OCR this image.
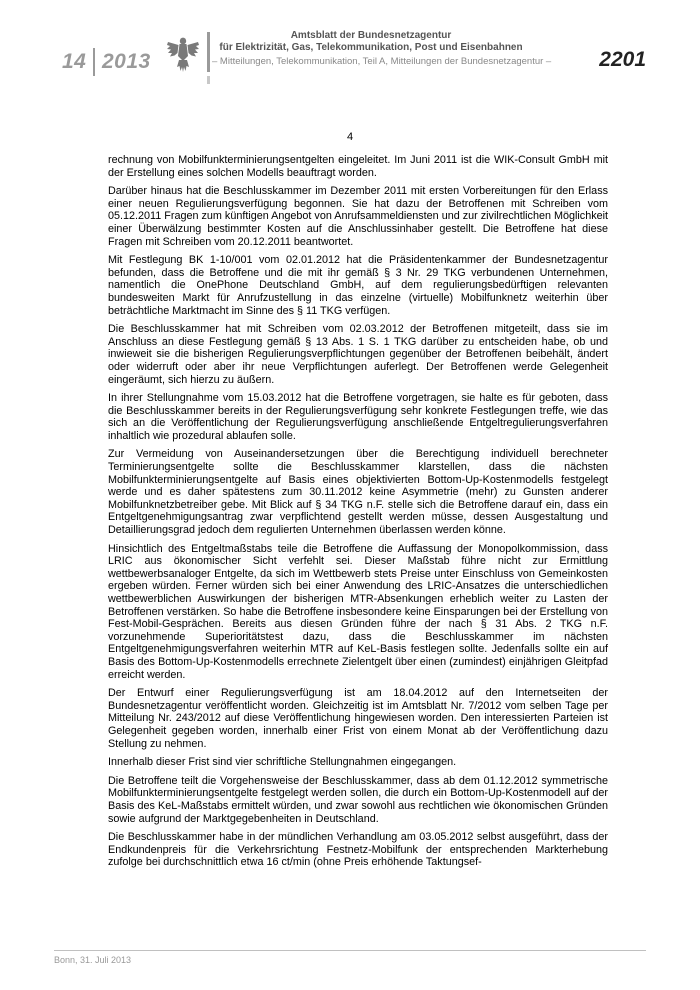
14 2013
Amtsblatt der Bundesnetzagentur
für Elektrizität, Gas, Telekommunikation, Post und Eisenbahnen
– Mitteilungen, Telekommunikation, Teil A, Mitteilungen der Bundesnetzagentur – 2201
4

rechnung von Mobilfunkterminierungsentgelten eingeleitet. Im Juni 2011 ist die WIK-Consult GmbH mit der Erstellung eines solchen Modells beauftragt worden.

Darüber hinaus hat die Beschlusskammer im Dezember 2011 mit ersten Vorbereitungen für den Erlass einer neuen Regulierungsverfügung begonnen. Sie hat dazu der Betroffenen mit Schreiben vom 05.12.2011 Fragen zum künftigen Angebot von Anrufsammeldiensten und zur zivilrechtlichen Möglichkeit einer Überwälzung bestimmter Kosten auf die Anschlussinhaber gestellt. Die Betroffene hat diese Fragen mit Schreiben vom 20.12.2011 beantwortet.

Mit Festlegung BK 1-10/001 vom 02.01.2012 hat die Präsidentenkammer der Bundesnetzagentur befunden, dass die Betroffene und die mit ihr gemäß § 3 Nr. 29 TKG verbundenen Unternehmen, namentlich die OnePhone Deutschland GmbH, auf dem regulierungsbedürftigen relevanten bundesweiten Markt für Anrufzustellung in das einzelne (virtuelle) Mobilfunknetz weiterhin über beträchtliche Marktmacht im Sinne des § 11 TKG verfügen.

Die Beschlusskammer hat mit Schreiben vom 02.03.2012 der Betroffenen mitgeteilt, dass sie im Anschluss an diese Festlegung gemäß § 13 Abs. 1 S. 1 TKG darüber zu entscheiden habe, ob und inwieweit sie die bisherigen Regulierungsverpflichtungen gegenüber der Betroffenen beibehält, ändert oder widerruft oder aber ihr neue Verpflichtungen auferlegt. Der Betroffenen werde Gelegenheit eingeräumt, sich hierzu zu äußern.

In ihrer Stellungnahme vom 15.03.2012 hat die Betroffene vorgetragen, sie halte es für geboten, dass die Beschlusskammer bereits in der Regulierungsverfügung sehr konkrete Festlegungen treffe, wie das sich an die Veröffentlichung der Regulierungsverfügung anschließende Entgeltregulierungsverfahren inhaltlich wie prozedural ablaufen solle.

Zur Vermeidung von Auseinandersetzungen über die Berechtigung individuell berechneter Terminierungsentgelte sollte die Beschlusskammer klarstellen, dass die nächsten Mobilfunkterminierungsentgelte auf Basis eines objektivierten Bottom-Up-Kostenmodells festgelegt werde und es daher spätestens zum 30.11.2012 keine Asymmetrie (mehr) zu Gunsten anderer Mobilfunknetzbetreiber gebe. Mit Blick auf § 34 TKG n.F. stelle sich die Betroffene darauf ein, dass ein Entgeltgenehmigungsantrag zwar verpflichtend gestellt werden müsse, dessen Ausgestaltung und Detaillierungsgrad jedoch dem regulierten Unternehmen überlassen werden könne.

Hinsichtlich des Entgeltmaßstabs teile die Betroffene die Auffassung der Monopolkommission, dass LRIC aus ökonomischer Sicht verfehlt sei. Dieser Maßstab führe nicht zur Ermittlung wettbewerbsanaloger Entgelte, da sich im Wettbewerb stets Preise unter Einschluss von Gemeinkosten ergeben würden. Ferner würden sich bei einer Anwendung des LRIC-Ansatzes die unterschiedlichen wettbewerblichen Auswirkungen der bisherigen MTR-Absenkungen erheblich weiter zu Lasten der Betroffenen verstärken. So habe die Betroffene insbesondere keine Einsparungen bei der Erstellung von Fest-Mobil-Gesprächen. Bereits aus diesen Gründen führe der nach § 31 Abs. 2 TKG n.F. vorzunehmende Superioritätstest dazu, dass die Beschlusskammer im nächsten Entgeltgenehmigungsverfahren weiterhin MTR auf KeL-Basis festlegen sollte. Jedenfalls sollte ein auf Basis des Bottom-Up-Kostenmodells errechnete Zielentgelt über einen (zumindest) einjährigen Gleitpfad erreicht werden.

Der Entwurf einer Regulierungsverfügung ist am 18.04.2012 auf den Internetseiten der Bundesnetzagentur veröffentlicht worden. Gleichzeitig ist im Amtsblatt Nr. 7/2012 vom selben Tage per Mitteilung Nr. 243/2012 auf diese Veröffentlichung hingewiesen worden. Den interessierten Parteien ist Gelegenheit gegeben worden, innerhalb einer Frist von einem Monat ab der Veröffentlichung dazu Stellung zu nehmen.

Innerhalb dieser Frist sind vier schriftliche Stellungnahmen eingegangen.

Die Betroffene teilt die Vorgehensweise der Beschlusskammer, dass ab dem 01.12.2012 symmetrische Mobilfunkterminierungsentgelte festgelegt werden sollen, die durch ein Bottom-Up-Kostenmodell auf der Basis des KeL-Maßstabs ermittelt würden, und zwar sowohl aus rechtlichen wie ökonomischen Gründen sowie aufgrund der Marktgegebenheiten in Deutschland.

Die Beschlusskammer habe in der mündlichen Verhandlung am 03.05.2012 selbst ausgeführt, dass der Endkundenpreis für die Verkehrsrichtung Festnetz-Mobilfunk der entsprechenden Markterhebung zufolge bei durchschnittlich etwa 16 ct/min (ohne Preis erhöhende Taktungsef-

Bonn, 31. Juli 2013
